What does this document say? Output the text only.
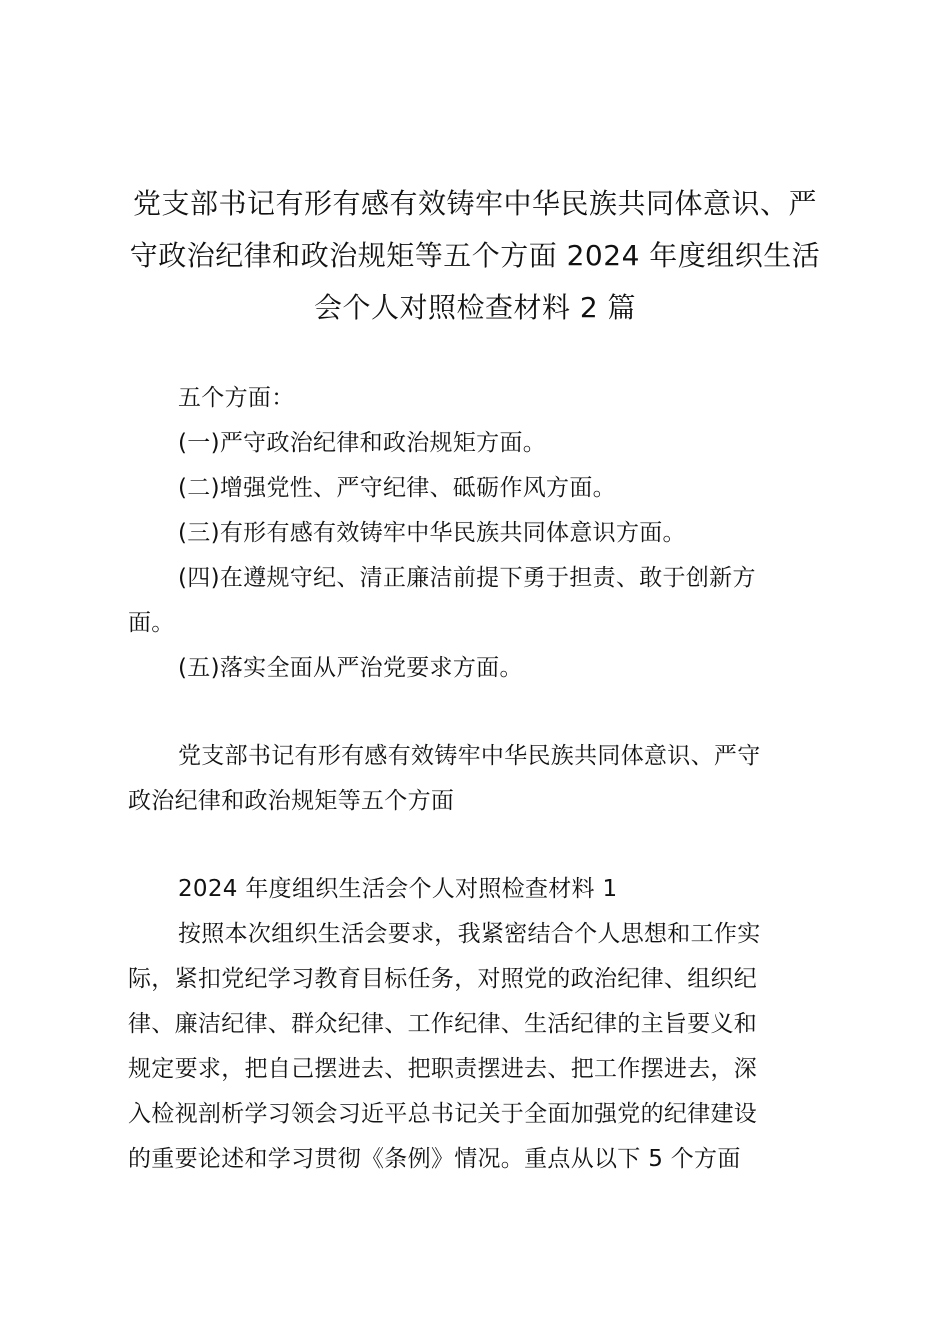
党支部书记有形有感有效铸牢中华民族共同体意识、严
守政治纪律和政治规矩等五个方面 2024 年度组织生活
会个人对照检查材料 2 篇
五个方面：
(一)严守政治纪律和政治规矩方面。
(二)增强党性、严守纪律、砥砺作风方面。
(三)有形有感有效铸牢中华民族共同体意识方面。
(四)在遵规守纪、清正廉洁前提下勇于担责、敢于创新方
面。
(五)落实全面从严治党要求方面。
党支部书记有形有感有效铸牢中华民族共同体意识、严守
政治纪律和政治规矩等五个方面
2024 年度组织生活会个人对照检查材料 1
按照本次组织生活会要求，我紧密结合个人思想和工作实
际，紧扣党纪学习教育目标任务，对照党的政治纪律、组织纪
律、廉洁纪律、群众纪律、工作纪律、生活纪律的主旨要义和
规定要求，把自己摆进去、把职责摆进去、把工作摆进去，深
入检视剖析学习领会习近平总书记关于全面加强党的纪律建设
的重要论述和学习贯彻《条例》情况。重点从以下 5 个方面
